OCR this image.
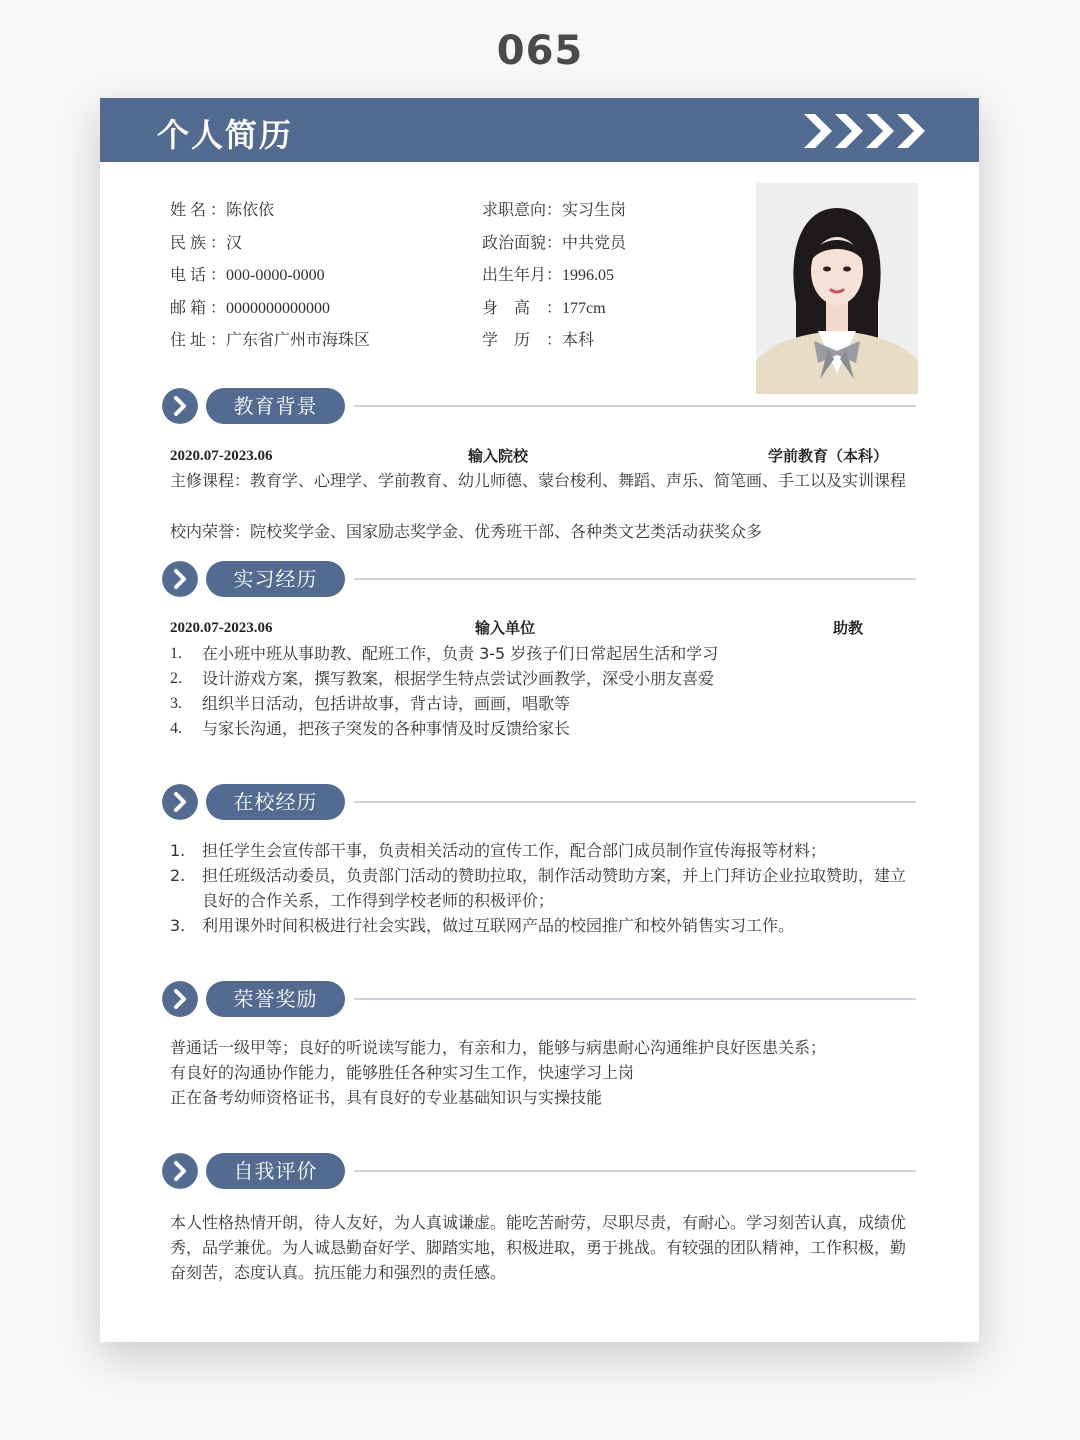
065
个人简历
姓名：陈依依
民族：汉
电话：000-0000-0000
邮箱：0000000000000
住址：广东省广州市海珠区
求职意向：实习生岗
政治面貌：中共党员
出生年月：1996.05
身高：177cm
学历：本科
教育背景
2020.07-2023.06	输入院校	学前教育（本科）
主修课程：教育学、心理学、学前教育、幼儿师德、蒙台梭利、舞蹈、声乐、简笔画、手工以及实训课程
校内荣誉：院校奖学金、国家励志奖学金、优秀班干部、各种类文艺类活动获奖众多
实习经历
2020.07-2023.06	输入单位	助教
1. 在小班中班从事助教、配班工作，负责 3-5 岁孩子们日常起居生活和学习
2. 设计游戏方案，撰写教案，根据学生特点尝试沙画教学，深受小朋友喜爱
3. 组织半日活动，包括讲故事，背古诗，画画，唱歌等
4. 与家长沟通，把孩子突发的各种事情及时反馈给家长
在校经历
1. 担任学生会宣传部干事，负责相关活动的宣传工作，配合部门成员制作宣传海报等材料；
2. 担任班级活动委员，负责部门活动的赞助拉取，制作活动赞助方案，并上门拜访企业拉取赞助，建立良好的合作关系，工作得到学校老师的积极评价；
3. 利用课外时间积极进行社会实践，做过互联网产品的校园推广和校外销售实习工作。
荣誉奖励
普通话一级甲等；良好的听说读写能力，有亲和力，能够与病患耐心沟通维护良好医患关系；
有良好的沟通协作能力，能够胜任各种实习生工作，快速学习上岗
正在备考幼师资格证书，具有良好的专业基础知识与实操技能
自我评价
本人性格热情开朗，待人友好，为人真诚谦虚。能吃苦耐劳，尽职尽责，有耐心。学习刻苦认真，成绩优秀，品学兼优。为人诚恳勤奋好学、脚踏实地，积极进取，勇于挑战。有较强的团队精神，工作积极，勤奋刻苦，态度认真。抗压能力和强烈的责任感。
